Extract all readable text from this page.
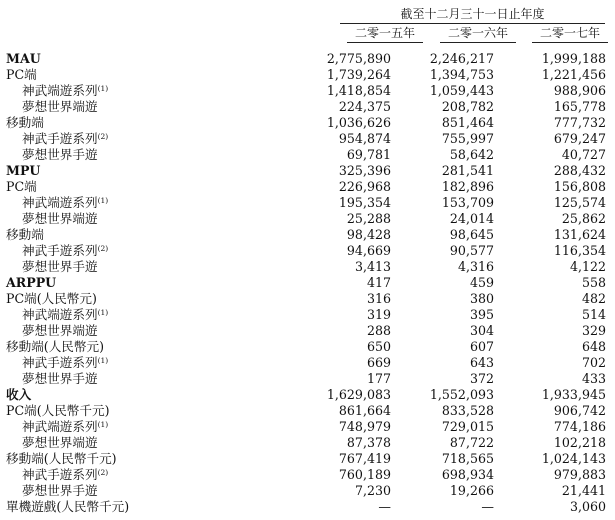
截至十二月三十一日止年度
二零一五年	二零一六年	二零一七年
MAU	2,775,890	2,246,217	1,999,188
PC端	1,739,264	1,394,753	1,221,456
神武端遊系列$^{(1)}$	1,418,854	1,059,443	988,906
夢想世界端遊	224,375	208,782	165,778
移動端	1,036,626	851,464	777,732
神武手遊系列$^{(2)}$	954,874	755,997	679,247
夢想世界手遊	69,781	58,642	40,727
MPU	325,396	281,541	288,432
PC端	226,968	182,896	156,808
神武端遊系列$^{(1)}$	195,354	153,709	125,574
夢想世界端遊	25,288	24,014	25,862
移動端	98,428	98,645	131,624
神武手遊系列$^{(2)}$	94,669	90,577	116,354
夢想世界手遊	3,413	4,316	4,122
ARPPU	417	459	558
PC端(人民幣元)	316	380	482
神武端遊系列$^{(1)}$	319	395	514
夢想世界端遊	288	304	329
移動端(人民幣元)	650	607	648
神武手遊系列$^{(1)}$	669	643	702
夢想世界手遊	177	372	433
收入	1,629,083	1,552,093	1,933,945
PC端(人民幣千元)	861,664	833,528	906,742
神武端遊系列$^{(1)}$	748,979	729,015	774,186
夢想世界端遊	87,378	87,722	102,218
移動端(人民幣千元)	767,419	718,565	1,024,143
神武手遊系列$^{(2)}$	760,189	698,934	979,883
夢想世界手遊	7,230	19,266	21,441
單機遊戲(人民幣千元)	—	—	3,060
